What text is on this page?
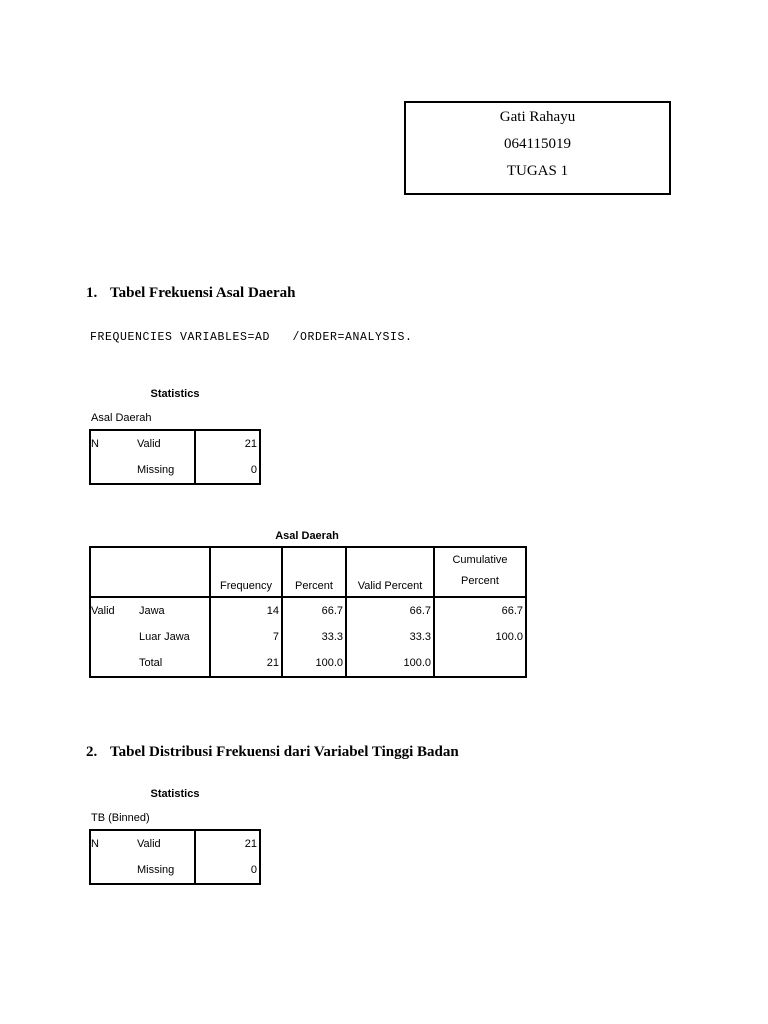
Gati Rahayu
064115019
TUGAS 1
1. Tabel Frekuensi Asal Daerah
FREQUENCIES VARIABLES=AD   /ORDER=ANALYSIS.
Statistics
Asal Daerah
N	Valid	21
	Missing	0
Asal Daerah
		Frequency	Percent	Valid Percent	Cumulative
Percent
Valid	Jawa	14	66.7	66.7	66.7
	Luar Jawa	7	33.3	33.3	100.0
	Total	21	100.0	100.0	
2. Tabel Distribusi Frekuensi dari Variabel Tinggi Badan
Statistics
TB (Binned)
N	Valid	21
	Missing	0
